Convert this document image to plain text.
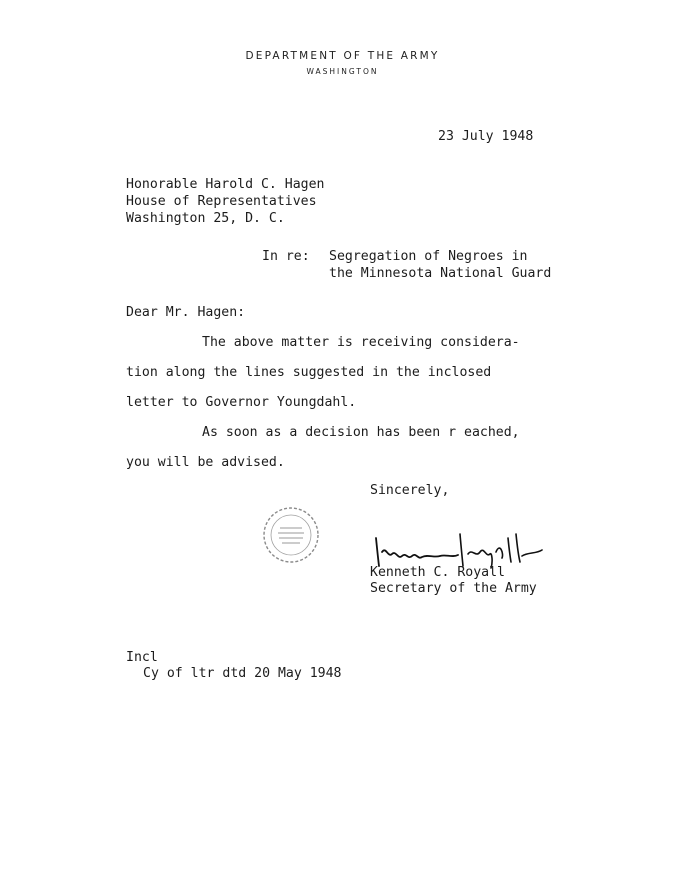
DEPARTMENT OF THE ARMY
WASHINGTON
23 July 1948
Honorable Harold C. Hagen
House of Representatives
Washington 25, D. C.
In re: Segregation of Negroes in
the Minnesota National Guard
Dear Mr. Hagen:
The above matter is receiving considera-
tion along the lines suggested in the inclosed
letter to Governor Youngdahl.
As soon as a decision has been r eached,
you will be advised.
Sincerely,
Kenneth C. Royall
Secretary of the Army
Incl
Cy of ltr dtd 20 May 1948
